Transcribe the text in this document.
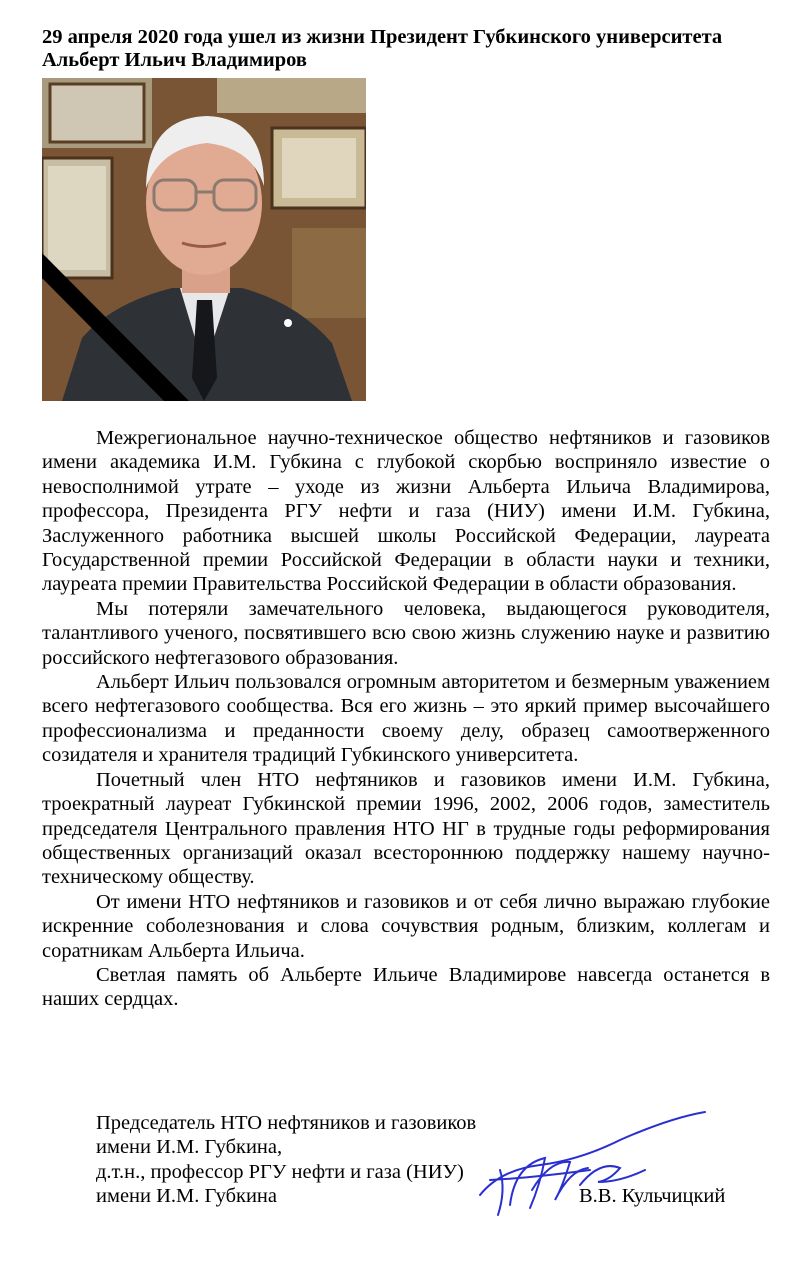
29 апреля 2020 года ушел из жизни Президент Губкинского университета
Альберт Ильич Владимиров

Межрегиональное научно-техническое общество нефтяников и газовиков имени академика И.М. Губкина с глубокой скорбью восприняло известие о невосполнимой утрате – уходе из жизни Альберта Ильича Владимирова, профессора, Президента РГУ нефти и газа (НИУ) имени И.М. Губкина, Заслуженного работника высшей школы Российской Федерации, лауреата Государственной премии Российской Федерации в области науки и техники, лауреата премии Правительства Российской Федерации в области образования.

Мы потеряли замечательного человека, выдающегося руководителя, талантливого ученого, посвятившего всю свою жизнь служению науке и развитию российского нефтегазового образования.

Альберт Ильич пользовался огромным авторитетом и безмерным уважением всего нефтегазового сообщества. Вся его жизнь – это яркий пример высочайшего профессионализма и преданности своему делу, образец самоотверженного созидателя и хранителя традиций Губкинского университета.

Почетный член НТО нефтяников и газовиков имени И.М. Губкина, троекратный лауреат Губкинской премии 1996, 2002, 2006 годов, заместитель председателя Центрального правления НТО НГ в трудные годы реформирования общественных организаций оказал всестороннюю поддержку нашему научно-техническому обществу.

От имени НТО нефтяников и газовиков и от себя лично выражаю глубокие искренние соболезнования и слова сочувствия родным, близким, коллегам и соратникам Альберта Ильича.

Светлая память об Альберте Ильиче Владимирове навсегда останется в наших сердцах.

Председатель НТО нефтяников и газовиков
имени И.М. Губкина,
д.т.н., профессор РГУ нефти и газа (НИУ)
имени И.М. Губкина	В.В. Кульчицкий
